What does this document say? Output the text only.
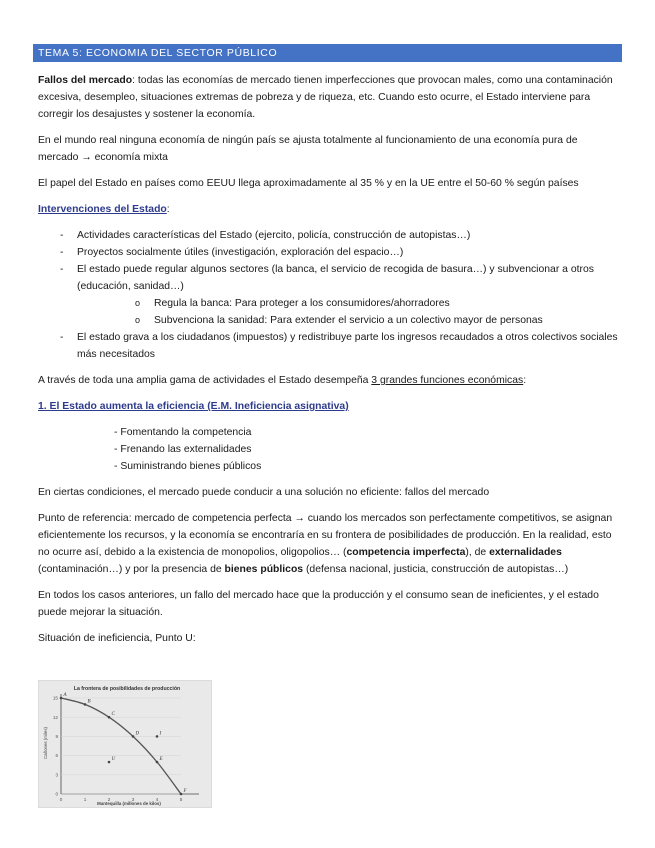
TEMA 5: ECONOMIA DEL SECTOR PÚBLICO

Fallos del mercado: todas las economías de mercado tienen imperfecciones que provocan males, como una contaminación excesiva, desempleo, situaciones extremas de pobreza y de riqueza, etc. Cuando esto ocurre, el Estado interviene para corregir los desajustes y sostener la economía.

En el mundo real ninguna economía de ningún país se ajusta totalmente al funcionamiento de una economía pura de mercado → economía mixta

El papel del Estado en países como EEUU llega aproximadamente al 35 % y en la UE entre el 50-60 % según países

Intervenciones del Estado:

- Actividades características del Estado (ejercito, policía, construcción de autopistas…)
- Proyectos socialmente útiles (investigación, exploración del espacio…)
- El estado puede regular algunos sectores (la banca, el servicio de recogida de basura…) y subvencionar a otros (educación, sanidad…)
o Regula la banca: Para proteger a los consumidores/ahorradores
o Subvenciona la sanidad: Para extender el servicio a un colectivo mayor de personas
- El estado grava a los ciudadanos (impuestos) y redistribuye parte los ingresos recaudados a otros colectivos sociales más necesitados

A través de toda una amplia gama de actividades el Estado desempeña 3 grandes funciones económicas:

1. El Estado aumenta la eficiencia (E.M. Ineficiencia asignativa)

- Fomentando la competencia
- Frenando las externalidades
- Suministrando bienes públicos

En ciertas condiciones, el mercado puede conducir a una solución no eficiente: fallos del mercado

Punto de referencia: mercado de competencia perfecta → cuando los mercados son perfectamente competitivos, se asignan eficientemente los recursos, y la economía se encontraría en su frontera de posibilidades de producción. En la realidad, esto no ocurre así, debido a la existencia de monopolios, oligopolios… (competencia imperfecta), de externalidades (contaminación…) y por la presencia de bienes públicos (defensa nacional, justicia, construcción de autopistas…)

En todos los casos anteriores, un fallo del mercado hace que la producción y el consumo sean de ineficientes, y el estado puede mejorar la situación.

Situación de ineficiencia, Punto U:

La frontera de posibilidades de producción
Cañones (miles)
Mantequilla (millones de kilos)
0	1	2	3	4	5
0
3
6
9
12
15
A
B
C
D
E
F
U
I
